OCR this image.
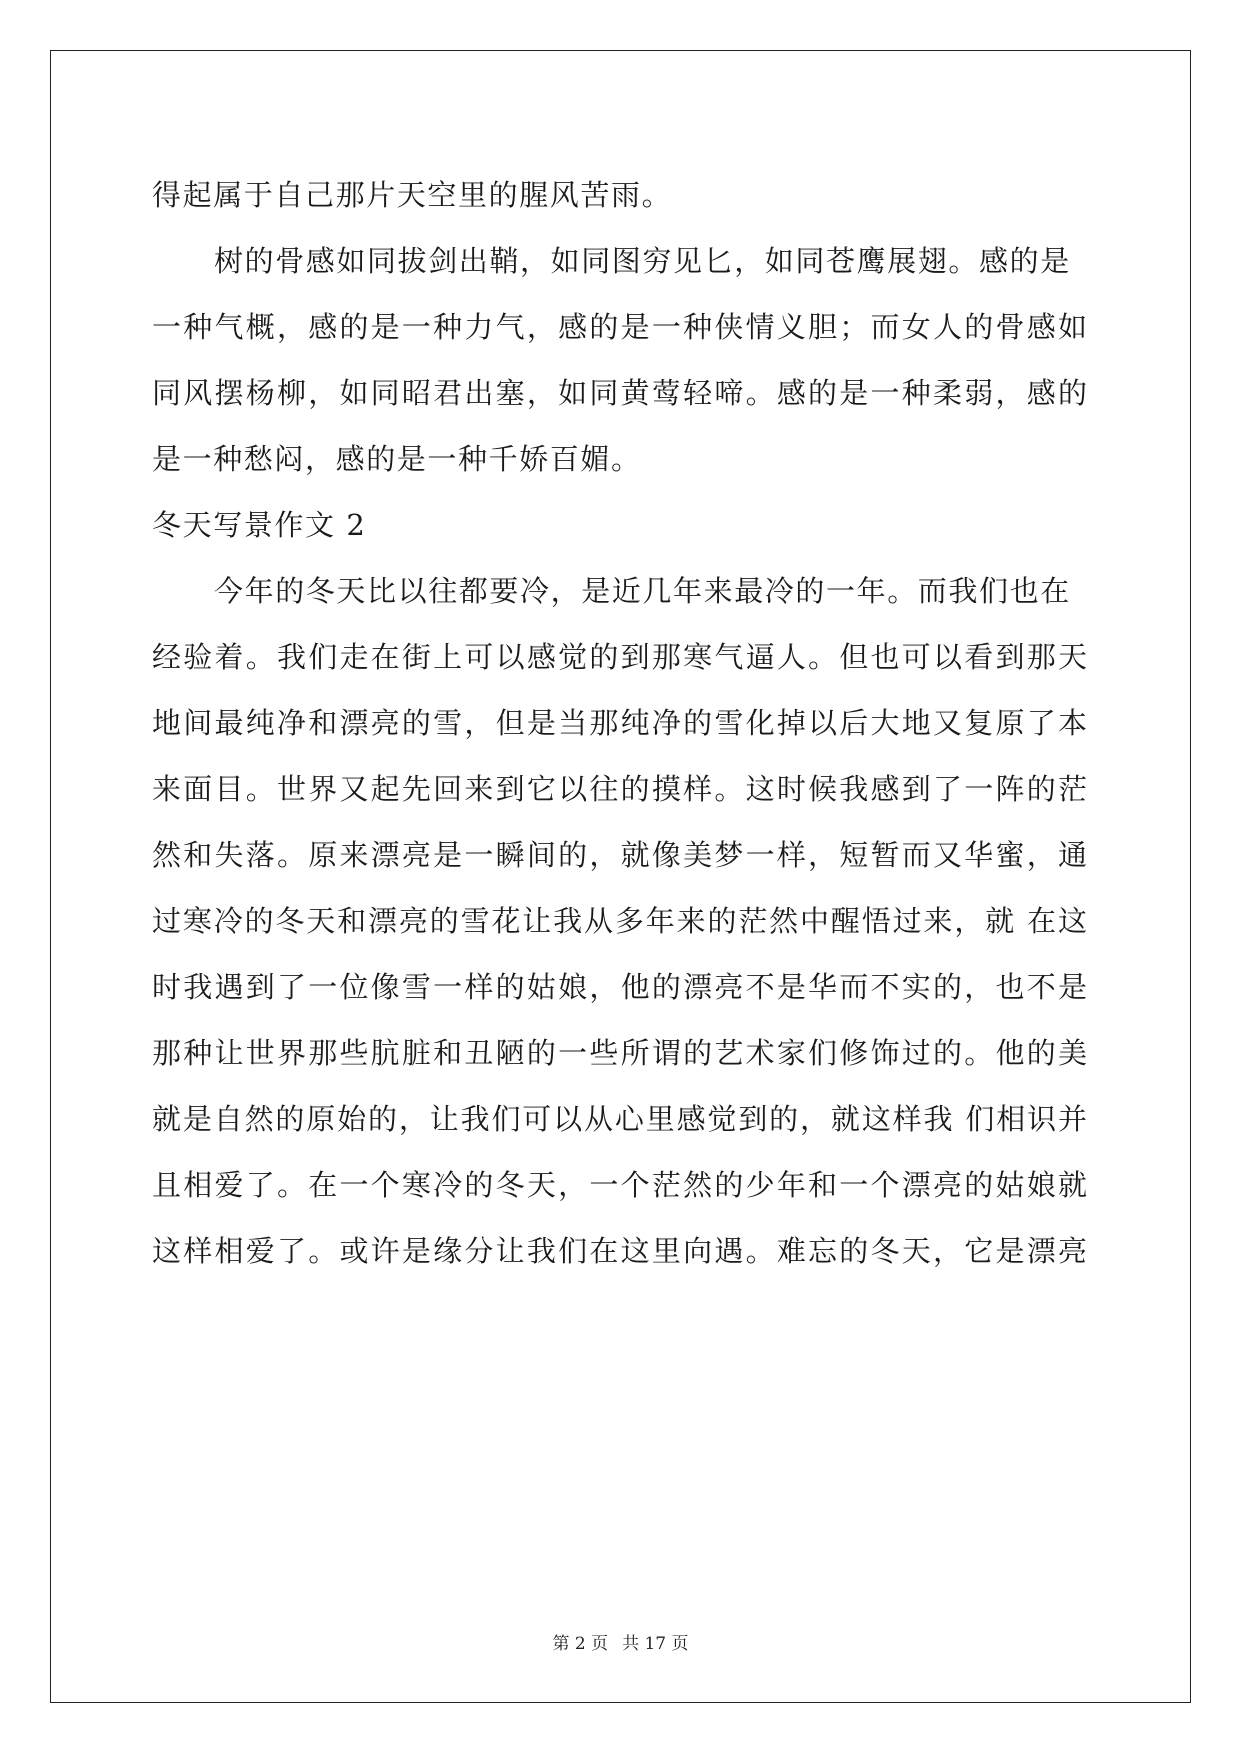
得起属于自己那片天空里的腥风苦雨。
树的骨感如同拔剑出鞘，如同图穷见匕，如同苍鹰展翅。感的是
一种气概，感的是一种力气，感的是一种侠情义胆；而女人的骨感如
同风摆杨柳，如同昭君出塞，如同黄莺轻啼。感的是一种柔弱，感的
是一种愁闷，感的是一种千娇百媚。
冬天写景作文 2
今年的冬天比以往都要冷，是近几年来最冷的一年。而我们也在
经验着。我们走在街上可以感觉的到那寒气逼人。但也可以看到那天
地间最纯净和漂亮的雪，但是当那纯净的雪化掉以后大地又复原了本
来面目。世界又起先回来到它以往的摸样。这时候我感到了一阵的茫
然和失落。原来漂亮是一瞬间的，就像美梦一样，短暂而又华蜜，通
过寒冷的冬天和漂亮的雪花让我从多年来的茫然中醒悟过来，就 在这
时我遇到了一位像雪一样的姑娘，他的漂亮不是华而不实的，也不是
那种让世界那些肮脏和丑陋的一些所谓的艺术家们修饰过的。他的美
就是自然的原始的，让我们可以从心里感觉到的，就这样我 们相识并
且相爱了。在一个寒冷的冬天，一个茫然的少年和一个漂亮的姑娘就
这样相爱了。或许是缘分让我们在这里向遇。难忘的冬天，它是漂亮
第 2 页 共 17 页
